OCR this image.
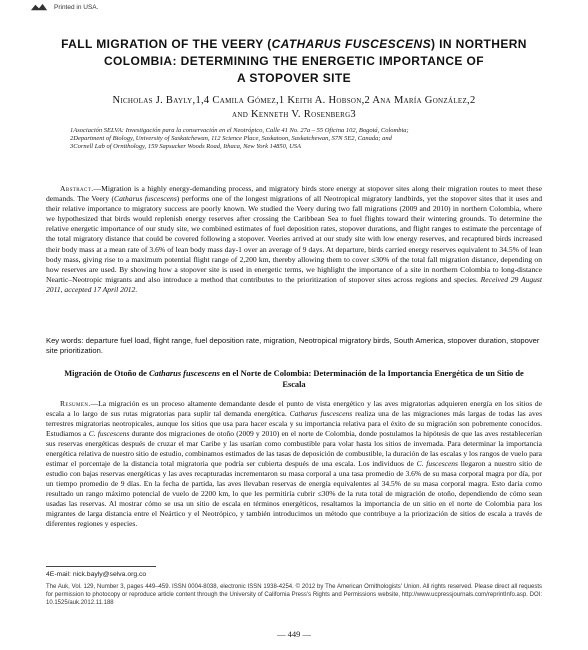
Printed in USA.
FALL MIGRATION OF THE VEERY (CATHARUS FUSCESCENS) IN NORTHERN
COLOMBIA: DETERMINING THE ENERGETIC IMPORTANCE OF
A STOPOVER SITE
Nicholas J. Bayly,1,4 Camila Gómez,1 Keith A. Hobson,2 Ana María González,2
and Kenneth V. Rosenberg3

1Asociación SELVA: Investigación para la conservación en el Neotrópico, Calle 41 No. 27a – 55 Oficina 102, Bogotá, Colombia;

2Department of Biology, University of Saskatchewan, 112 Science Place, Saskatoon, Saskatchewan, S7N 5E2, Canada; and

3Cornell Lab of Ornithology, 159 Sapsucker Woods Road, Ithaca, New York 14850, USA

Abstract.—Migration is a highly energy-demanding process, and migratory birds store energy at stopover sites along their migration routes to meet these demands. The Veery (Catharus fuscescens) performs one of the longest migrations of all Neotropical migratory landbirds, yet the stopover sites that it uses and their relative importance to migratory success are poorly known. We studied the Veery during two fall migrations (2009 and 2010) in northern Colombia, where we hypothesized that birds would replenish energy reserves after crossing the Caribbean Sea to fuel flights toward their wintering grounds. To determine the relative energetic importance of our study site, we combined estimates of fuel deposition rates, stopover durations, and flight ranges to estimate the percentage of the total migratory distance that could be covered following a stopover. Veeries arrived at our study site with low energy reserves, and recaptured birds increased their body mass at a mean rate of 3.6% of lean body mass day-1 over an average of 9 days. At departure, birds carried energy reserves equivalent to 34.5% of lean body mass, giving rise to a maximum potential flight range of 2,200 km, thereby allowing them to cover ≤30% of the total fall migration distance, depending on how reserves are used. By showing how a stopover site is used in energetic terms, we highlight the importance of a site in northern Colombia to long-distance Neartic–Neotropic migrants and also introduce a method that contributes to the prioritization of stopover sites across regions and species. Received 29 August 2011, accepted 17 April 2012.

Key words: departure fuel load, flight range, fuel deposition rate, migration, Neotropical migratory birds, South America, stopover duration, stopover site prioritization.
Migración de Otoño de Catharus fuscescens en el Norte de Colombia: Determinación de la Importancia Energética de un Sitio de Escala

Resumen.—La migración es un proceso altamente demandante desde el punto de vista energético y las aves migratorias adquieren energía en los sitios de escala a lo largo de sus rutas migratorias para suplir tal demanda energética. Catharus fuscescens realiza una de las migraciones más largas de todas las aves terrestres migratorias neotropicales, aunque los sitios que usa para hacer escala y su importancia relativa para el éxito de su migración son pobremente conocidos. Estudiamos a C. fuscescens durante dos migraciones de otoño (2009 y 2010) en el norte de Colombia, donde postulamos la hipótesis de que las aves restablecerían sus reservas energéticas después de cruzar el mar Caribe y las usarían como combustible para volar hasta los sitios de invernada. Para determinar la importancia energética relativa de nuestro sitio de estudio, combinamos estimados de las tasas de deposición de combustible, la duración de las escalas y los rangos de vuelo para estimar el porcentaje de la distancia total migratoria que podría ser cubierta después de una escala. Los individuos de C. fuscescens llegaron a nuestro sitio de estudio con bajas reservas energéticas y las aves recapturadas incrementaron su masa corporal a una tasa promedio de 3.6% de su masa corporal magra por día, por un tiempo promedio de 9 días. En la fecha de partida, las aves llevaban reservas de energía equivalentes al 34.5% de su masa corporal magra. Esto daría como resultado un rango máximo potencial de vuelo de 2200 km, lo que les permitiría cubrir ≤30% de la ruta total de migración de otoño, dependiendo de cómo sean usadas las reservas. Al mostrar cómo se usa un sitio de escala en términos energéticos, resaltamos la importancia de un sitio en el norte de Colombia para los migrantes de larga distancia entre el Neártico y el Neotrópico, y también introducimos un método que contribuye a la priorización de sitios de escala a través de diferentes regiones y especies.

4E-mail: nick.bayly@selva.org.co
The Auk, Vol. 129, Number 3, pages 449–459. ISSN 0004-8038, electronic ISSN 1938-4254. © 2012 by The American Ornithologists' Union. All rights reserved. Please direct all requests for permission to photocopy or reproduce article content through the University of California Press's Rights and Permissions website, http://www.ucpressjournals.com/reprintInfo.asp. DOI: 10.1525/auk.2012.11.188
— 449 —
